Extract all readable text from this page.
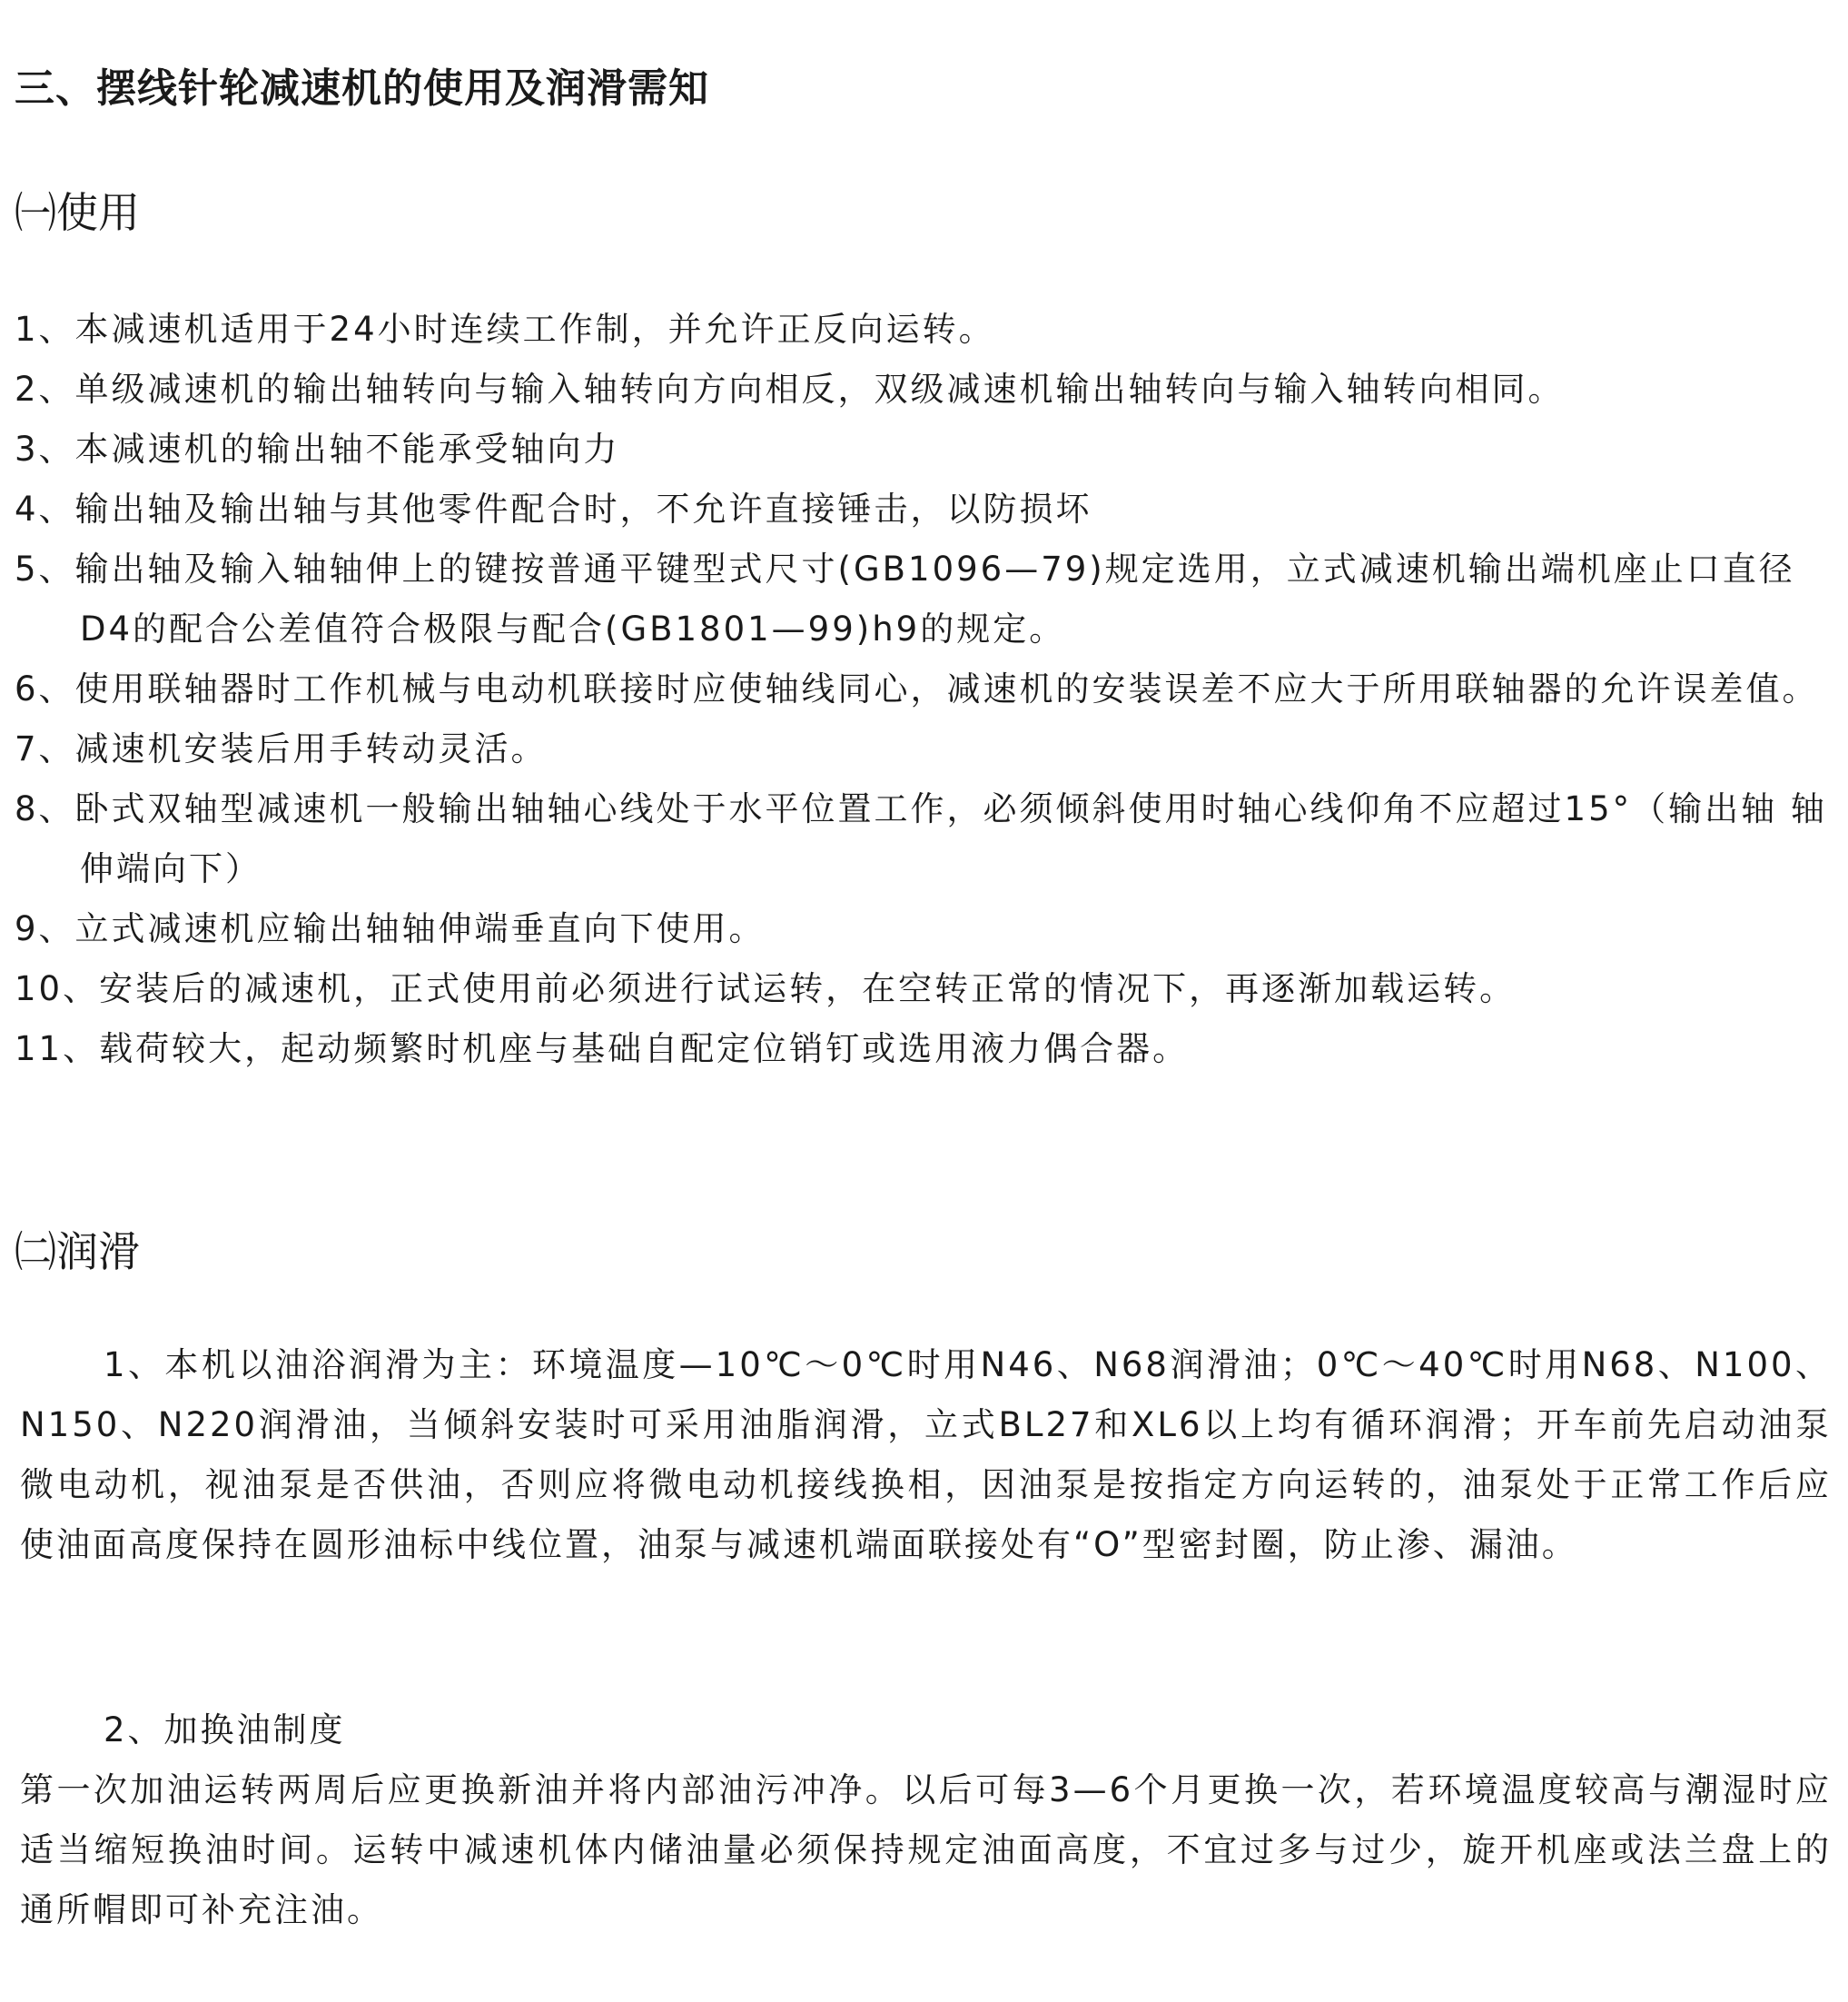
三、摆线针轮减速机的使用及润滑需知
㈠使用
1、本减速机适用于24小时连续工作制，并允许正反向运转。
2、单级减速机的输出轴转向与输入轴转向方向相反，双级减速机输出轴转向与输入轴转向相同。
3、本减速机的输出轴不能承受轴向力
4、输出轴及输出轴与其他零件配合时，不允许直接锤击，以防损坏
5、输出轴及输入轴轴伸上的键按普通平键型式尺寸(GB1096—79)规定选用，立式减速机输出端机座止口直径D4的配合公差值符合极限与配合(GB1801—99)h9的规定。
6、使用联轴器时工作机械与电动机联接时应使轴线同心，减速机的安装误差不应大于所用联轴器的允许误差值。
7、减速机安装后用手转动灵活。
8、卧式双轴型减速机一般输出轴轴心线处于水平位置工作，必须倾斜使用时轴心线仰角不应超过15°（输出轴 轴伸端向下）
9、立式减速机应输出轴轴伸端垂直向下使用。
10、安装后的减速机，正式使用前必须进行试运转，在空转正常的情况下，再逐渐加载运转。
11、载荷较大，起动频繁时机座与基础自配定位销钉或选用液力偶合器。
㈡润滑

1、本机以油浴润滑为主：环境温度—10℃～0℃时用N46、N68润滑油；0℃～40℃时用N68、N100、N150、N220润滑油，当倾斜安装时可采用油脂润滑，立式BL27和XL6以上均有循环润滑；开车前先启动油泵微电动机，视油泵是否供油，否则应将微电动机接线换相，因油泵是按指定方向运转的，油泵处于正常工作后应使油面高度保持在圆形油标中线位置，油泵与减速机端面联接处有“O”型密封圈，防止渗、漏油。

2、加换油制度

第一次加油运转两周后应更换新油并将内部油污冲净。以后可每3—6个月更换一次，若环境温度较高与潮湿时应适当缩短换油时间。运转中减速机体内储油量必须保持规定油面高度，不宜过多与过少，旋开机座或法兰盘上的通所帽即可补充注油。
